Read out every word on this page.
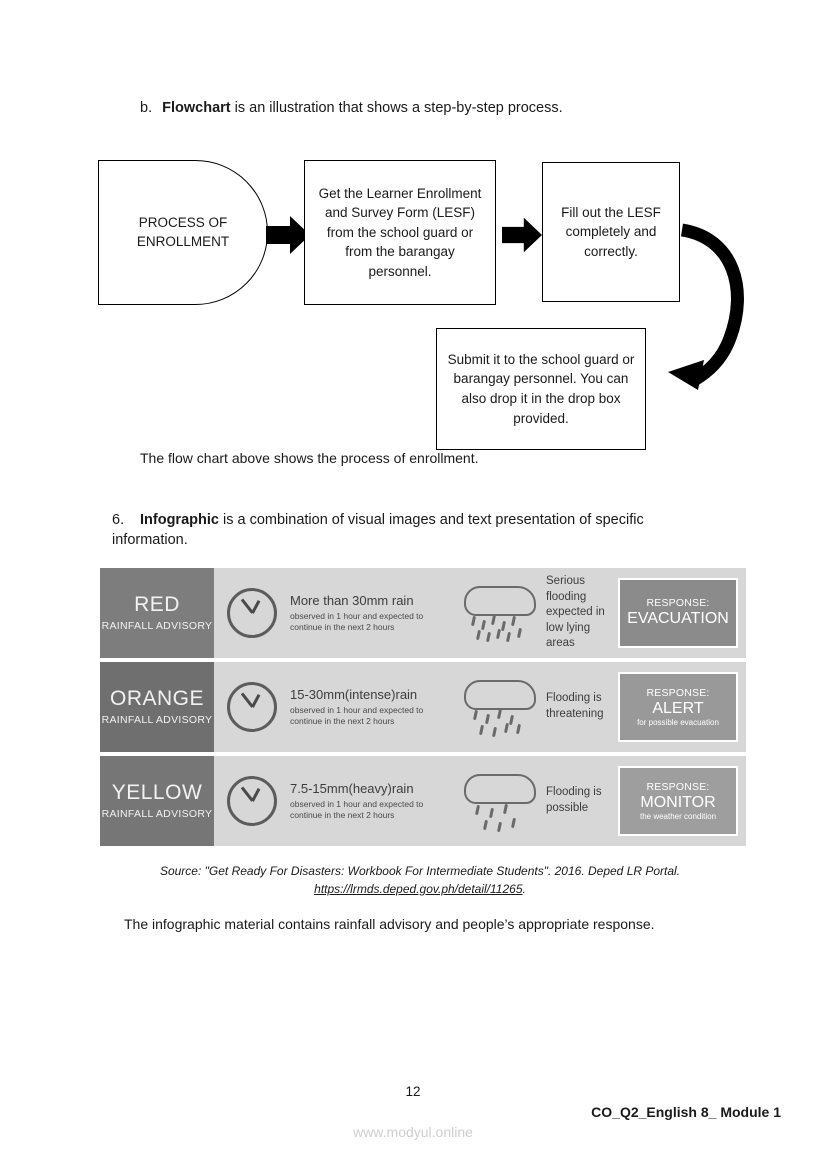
b. Flowchart is an illustration that shows a step-by-step process.
PROCESS OF ENROLLMENT
Get the Learner Enrollment and Survey Form (LESF) from the school guard or from the barangay personnel.
Fill out the LESF completely and correctly.
Submit it to the school guard or barangay personnel. You can also drop it in the drop box provided.
The flow chart above shows the process of enrollment.
6. Infographic is a combination of visual images and text presentation of specific information.
RED
RAINFALL ADVISORY
More than 30mm rain
observed in 1 hour and expected to continue in the next 2 hours
Serious flooding expected in low lying areas
RESPONSE:
EVACUATION
ORANGE
RAINFALL ADVISORY
15-30mm(intense)rain
observed in 1 hour and expected to continue in the next 2 hours
Flooding is threatening
RESPONSE:
ALERT
for possible evacuation
YELLOW
RAINFALL ADVISORY
7.5-15mm(heavy)rain
observed in 1 hour and expected to continue in the next 2 hours
Flooding is possible
RESPONSE:
MONITOR
the weather condition
Source: "Get Ready For Disasters: Workbook For Intermediate Students". 2016. Deped LR Portal.
https://lrmds.deped.gov.ph/detail/11265.
The infographic material contains rainfall advisory and people’s appropriate response.
12
CO_Q2_English 8_ Module 1
www.modyul.online
